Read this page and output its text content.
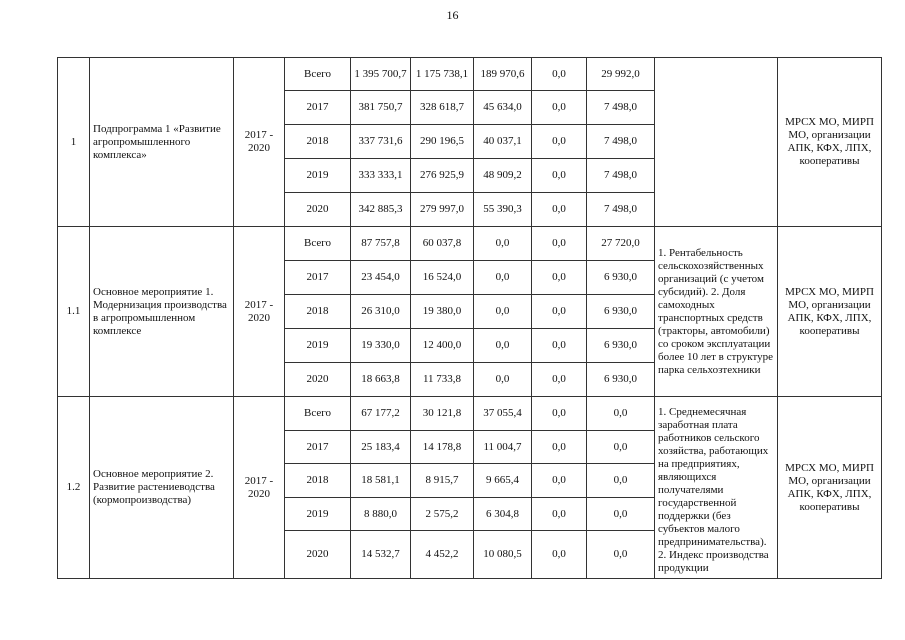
16
1	Подпрограмма 1 «Развитие агропромышленного комплекса»	2017 - 2020	Всего	1 395 700,7	1 175 738,1	189 970,6	0,0	29 992,0		МРСХ МО, МИРП МО, организации АПК, КФХ, ЛПХ, кооперативы
			2017	381 750,7	328 618,7	45 634,0	0,0	7 498,0		
			2018	337 731,6	290 196,5	40 037,1	0,0	7 498,0		
			2019	333 333,1	276 925,9	48 909,2	0,0	7 498,0		
			2020	342 885,3	279 997,0	55 390,3	0,0	7 498,0		
1.1	Основное мероприятие 1. Модернизация производства в агропромышленном комплексе	2017 - 2020	Всего	87 757,8	60 037,8	0,0	0,0	27 720,0	1. Рентабельность сельскохозяйственных организаций (с учетом субсидий). 2. Доля самоходных транспортных средств (тракторы, автомобили) со сроком эксплуатации более 10 лет в структуре парка сельхозтехники	МРСХ МО, МИРП МО, организации АПК, КФХ, ЛПХ, кооперативы
			2017	23 454,0	16 524,0	0,0	0,0	6 930,0		
			2018	26 310,0	19 380,0	0,0	0,0	6 930,0		
			2019	19 330,0	12 400,0	0,0	0,0	6 930,0		
			2020	18 663,8	11 733,8	0,0	0,0	6 930,0		
1.2	Основное мероприятие 2. Развитие растениеводства (кормопроизводства)	2017 - 2020	Всего	67 177,2	30 121,8	37 055,4	0,0	0,0	1. Среднемесячная заработная плата работников сельского хозяйства, работающих на предприятиях, являющихся получателями государственной поддержки (без субъектов малого предпринимательства). 2. Индекс производства продукции	МРСХ МО, МИРП МО, организации АПК, КФХ, ЛПХ, кооперативы
			2017	25 183,4	14 178,8	11 004,7	0,0	0,0		
			2018	18 581,1	8 915,7	9 665,4	0,0	0,0		
			2019	8 880,0	2 575,2	6 304,8	0,0	0,0		
			2020	14 532,7	4 452,2	10 080,5	0,0	0,0		
